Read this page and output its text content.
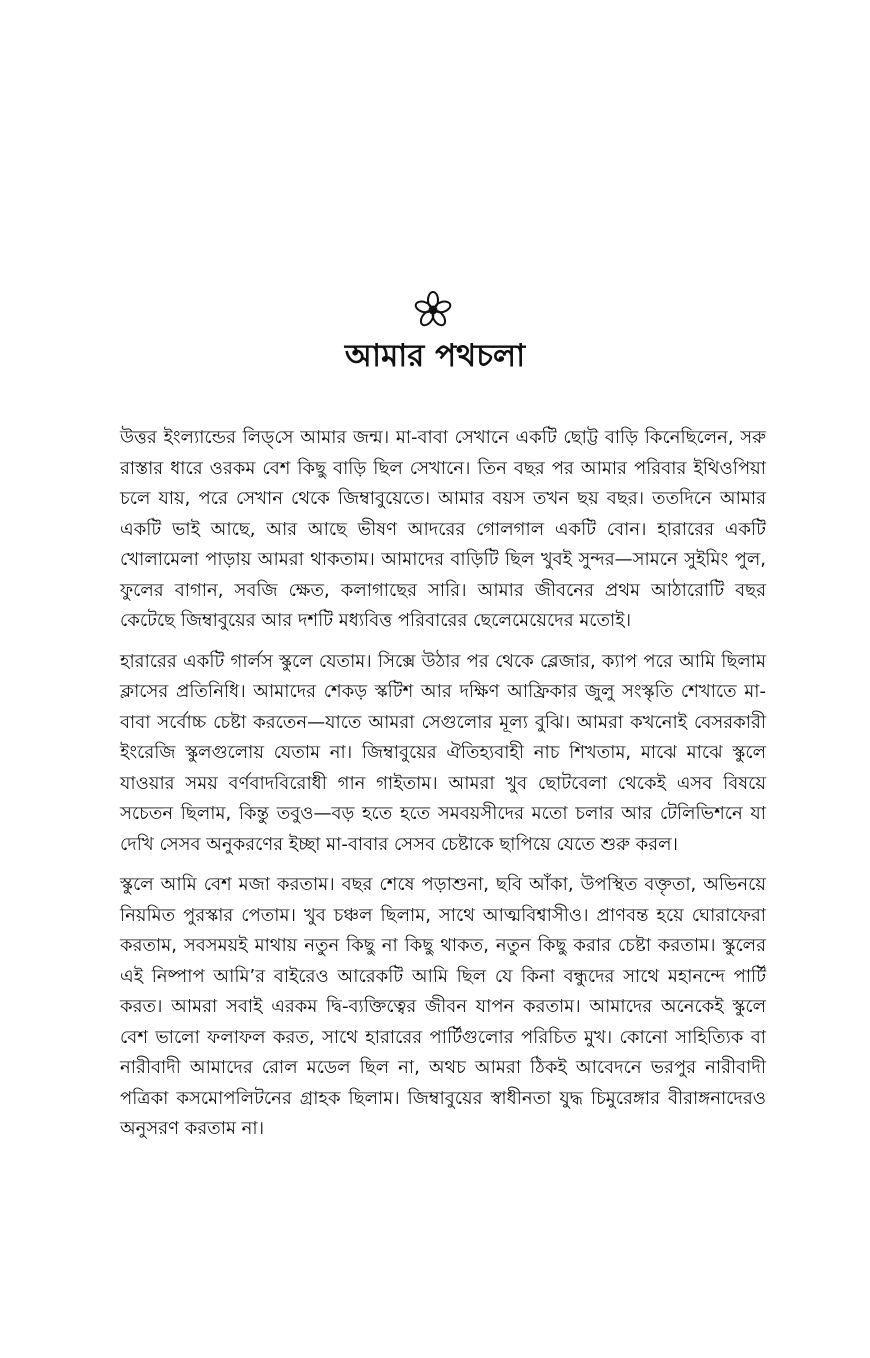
আমার পথচলা

উত্তর ইংল্যান্ডের লিড্‌সে আমার জন্ম। মা-বাবা সেখানে একটি ছোট্ট বাড়ি কিনেছিলেন, সরু রাস্তার ধারে ওরকম বেশ কিছু বাড়ি ছিল সেখানে। তিন বছর পর আমার পরিবার ইথিওপিয়া চলে যায়, পরে সেখান থেকে জিম্বাবুয়েতে। আমার বয়স তখন ছয় বছর। ততদিনে আমার একটি ভাই আছে, আর আছে ভীষণ আদরের গোলগাল একটি বোন। হারারের একটি খোলামেলা পাড়ায় আমরা থাকতাম। আমাদের বাড়িটি ছিল খুবই সুন্দর—সামনে সুইমিং পুল, ফুলের বাগান, সবজি ক্ষেত, কলাগাছের সারি। আমার জীবনের প্রথম আঠারোটি বছর কেটেছে জিম্বাবুয়ের আর দশটি মধ্যবিত্ত পরিবারের ছেলেমেয়েদের মতোই।

হারারের একটি গার্লস স্কুলে যেতাম। সিক্সে উঠার পর থেকে ব্লেজার, ক্যাপ পরে আমি ছিলাম ক্লাসের প্রতিনিধি। আমাদের শেকড় স্কটিশ আর দক্ষিণ আফ্রিকার জুলু সংস্কৃতি শেখাতে মা-বাবা সর্বোচ্চ চেষ্টা করতেন—যাতে আমরা সেগুলোর মূল্য বুঝি। আমরা কখনোই বেসরকারী ইংরেজি স্কুলগুলোয় যেতাম না। জিম্বাবুয়ের ঐতিহ্যবাহী নাচ শিখতাম, মাঝে মাঝে স্কুলে যাওয়ার সময় বর্ণবাদবিরোধী গান গাইতাম। আমরা খুব ছোটবেলা থেকেই এসব বিষয়ে সচেতন ছিলাম, কিন্তু তবুও—বড় হতে হতে সমবয়সীদের মতো চলার আর টেলিভিশনে যা দেখি সেসব অনুকরণের ইচ্ছা মা-বাবার সেসব চেষ্টাকে ছাপিয়ে যেতে শুরু করল।

স্কুলে আমি বেশ মজা করতাম। বছর শেষে পড়াশুনা, ছবি আঁকা, উপস্থিত বক্তৃতা, অভিনয়ে নিয়মিত পুরস্কার পেতাম। খুব চঞ্চল ছিলাম, সাথে আত্মবিশ্বাসীও। প্রাণবন্ত হয়ে ঘোরাফেরা করতাম, সবসময়ই মাথায় নতুন কিছু না কিছু থাকত, নতুন কিছু করার চেষ্টা করতাম। স্কুলের এই নিষ্পাপ আমি’র বাইরেও আরেকটি আমি ছিল যে কিনা বন্ধুদের সাথে মহানন্দে পার্টি করত। আমরা সবাই এরকম দ্বি-ব্যক্তিত্বের জীবন যাপন করতাম। আমাদের অনেকেই স্কুলে বেশ ভালো ফলাফল করত, সাথে হারারের পার্টিগুলোর পরিচিত মুখ। কোনো সাহিত্যিক বা নারীবাদী আমাদের রোল মডেল ছিল না, অথচ আমরা ঠিকই আবেদনে ভরপুর নারীবাদী পত্রিকা কসমোপলিটনের গ্রাহক ছিলাম। জিম্বাবুয়ের স্বাধীনতা যুদ্ধ চিমুরেঙ্গার বীরাঙ্গনাদেরও অনুসরণ করতাম না।
